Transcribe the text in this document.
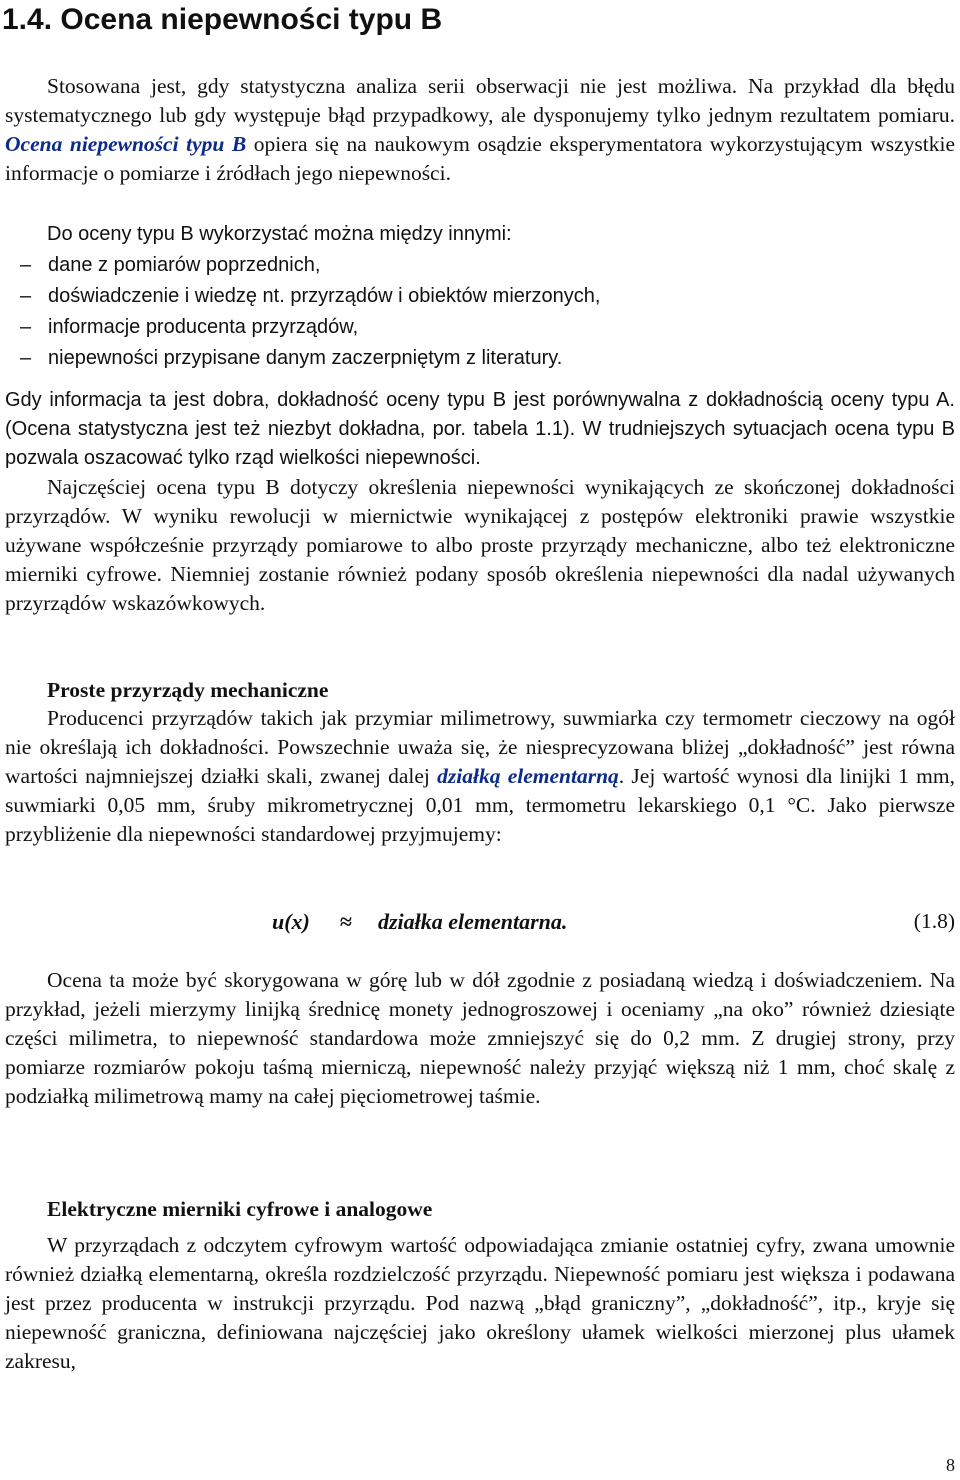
1.4. Ocena niepewności typu B

Stosowana jest, gdy statystyczna analiza serii obserwacji nie jest możliwa. Na przykład dla błędu systematycznego lub gdy występuje błąd przypadkowy, ale dysponujemy tylko jednym rezultatem pomiaru. Ocena niepewności typu B opiera się na naukowym osądzie eksperymentatora wykorzystującym wszystkie informacje o pomiarze i źródłach jego niepewności.

Do oceny typu B wykorzystać można między innymi:

– dane z pomiarów poprzednich,
– doświadczenie i wiedzę nt. przyrządów i obiektów mierzonych,
– informacje producenta przyrządów,
– niepewności przypisane danym zaczerpniętym z literatury.

Gdy informacja ta jest dobra, dokładność oceny typu B jest porównywalna z dokładnością oceny typu A. (Ocena statystyczna jest też niezbyt dokładna, por. tabela 1.1). W trudniejszych sytuacjach ocena typu B pozwala oszacować tylko rząd wielkości niepewności.

Najczęściej ocena typu B dotyczy określenia niepewności wynikających ze skończonej dokładności przyrządów. W wyniku rewolucji w miernictwie wynikającej z postępów elektroniki prawie wszystkie używane współcześnie przyrządy pomiarowe to albo proste przyrządy mechaniczne, albo też elektroniczne mierniki cyfrowe. Niemniej zostanie również podany sposób określenia niepewności dla nadal używanych przyrządów wskazówkowych.

Proste przyrządy mechaniczne

Producenci przyrządów takich jak przymiar milimetrowy, suwmiarka czy termometr cieczowy na ogół nie określają ich dokładności. Powszechnie uważa się, że niesprecyzowana bliżej „dokładność” jest równa wartości najmniejszej działki skali, zwanej dalej działką elementarną. Jej wartość wynosi dla linijki 1 mm, suwmiarki 0,05 mm, śruby mikrometrycznej 0,01 mm, termometru lekarskiego 0,1 °C. Jako pierwsze przybliżenie dla niepewności standardowej przyjmujemy:

u(x) ≈ działka elementarna.	(1.8)

Ocena ta może być skorygowana w górę lub w dół zgodnie z posiadaną wiedzą i doświadczeniem. Na przykład, jeżeli mierzymy linijką średnicę monety jednogroszowej i oceniamy „na oko” również dziesiąte części milimetra, to niepewność standardowa może zmniejszyć się do 0,2 mm. Z drugiej strony, przy pomiarze rozmiarów pokoju taśmą mierniczą, niepewność należy przyjąć większą niż 1 mm, choć skalę z podziałką milimetrową mamy na całej pięciometrowej taśmie.

Elektryczne mierniki cyfrowe i analogowe

W przyrządach z odczytem cyfrowym wartość odpowiadająca zmianie ostatniej cyfry, zwana umownie również działką elementarną, określa rozdzielczość przyrządu. Niepewność pomiaru jest większa i podawana jest przez producenta w instrukcji przyrządu. Pod nazwą „błąd graniczny”, „dokładność”, itp., kryje się niepewność graniczna, definiowana najczęściej jako określony ułamek wielkości mierzonej plus ułamek zakresu,

8
